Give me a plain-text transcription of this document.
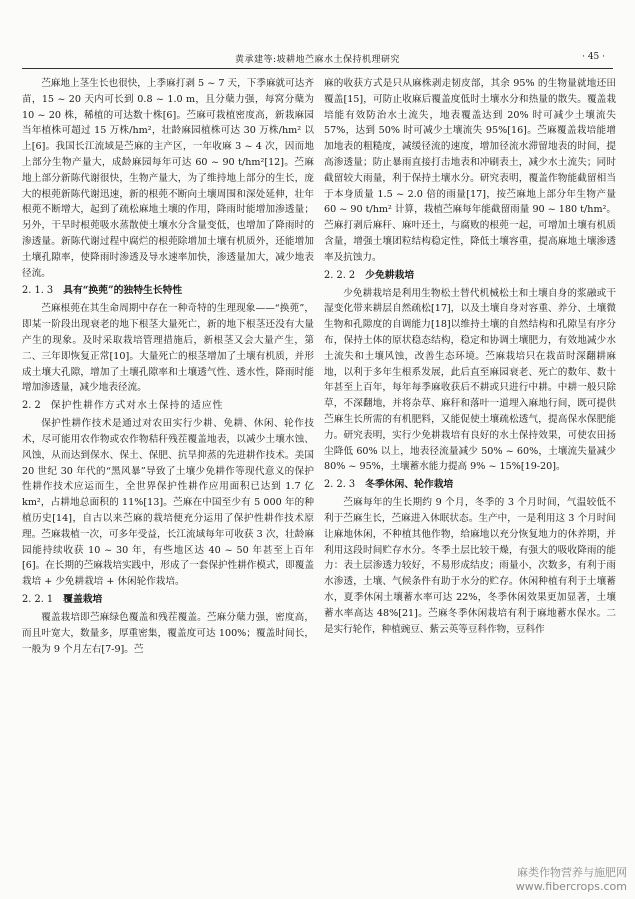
黄承建等:坡耕地苎麻水土保持机理研究	· 45 ·

苎麻地上茎生长也很快，上季麻打剥 5 ~ 7 天，下季麻就可达齐苗，15 ~ 20 天内可长到 0.8 ~ 1.0 m，且分蘖力强，每窝分蘖为 10 ~ 20 株，稀植的可达数十株[6]。苎麻可栽植密度高，新栽麻园当年植株可超过 15 万株/hm²，壮龄麻园植株可达 30 万株/hm² 以上[6]。我国长江流域是苎麻的主产区，一年收麻 3 ~ 4 次，因而地上部分生物产量大，成龄麻园每年可达 60 ~ 90 t/hm²[12]。苎麻地上部分新陈代谢很快，生物产量大，为了维持地上部分的生长，庞大的根蔸新陈代谢迅速，新的根蔸不断向土壤周围和深处延伸，壮年根蔸不断增大，起到了疏松麻地土壤的作用，降雨时能增加渗透量；另外，干旱时根蔸吸水蒸散使土壤水分含量变低，也增加了降雨时的渗透量。新陈代谢过程中腐烂的根蔸除增加土壤有机质外，还能增加土壤孔隙率，使降雨时渗透及导水速率加快，渗透量加大，减少地表径流。

2. 1. 3 具有“换蔸”的独特生长特性

苎麻根蔸在其生命周期中存在一种奇特的生理现象——“换蔸”，即某一阶段出现衰老的地下根茎大量死亡，新的地下根茎还没有大量产生的现象。及时采取栽培管理措施后，新根茎又会大量产生，第二、三年即恢复正常[10]。大量死亡的根茎增加了土壤有机质，并形成土壤大孔隙，增加了土壤孔隙率和土壤透气性、透水性，降雨时能增加渗透量，减少地表径流。

2. 2 保护性耕作方式对水土保持的适应性

保护性耕作技术是通过对农田实行少耕、免耕、休闲、轮作技术，尽可能用农作物或农作物秸秆残茬覆盖地表，以减少土壤水蚀、风蚀，从而达到保水、保土、保肥、抗旱抑蒸的先进耕作技术。美国 20 世纪 30 年代的“黑风暴”导致了土壤少免耕作等现代意义的保护性耕作技术应运而生，全世界保护性耕作应用面积已达到 1.7 亿 km²，占耕地总面积的 11%[13]。苎麻在中国至少有 5 000 年的种植历史[14]，自古以来苎麻的栽培便充分运用了保护性耕作技术原理。苎麻栽植一次，可多年受益，长江流域每年可收获 3 次，壮龄麻园能持续收获 10 ~ 30 年，有些地区达 40 ~ 50 年甚至上百年[6]。在长期的苎麻栽培实践中，形成了一套保护性耕作模式，即覆盖栽培 + 少免耕栽培 + 休闲轮作栽培。

2. 2. 1 覆盖栽培

覆盖栽培即苎麻绿色覆盖和残茬覆盖。苎麻分蘖力强，密度高，而且叶宽大，数量多，厚重密集，覆盖度可达 100%；覆盖时间长，一般为 9 个月左右[7-9]。苎

麻的收获方式是只从麻株剥走韧皮部，其余 95% 的生物量就地还田覆盖[15]，可防止收麻后覆盖度低时土壤水分和热量的散失。覆盖栽培能有效防治水土流失，地表覆盖达到 20% 时可减少土壤流失 57%，达到 50% 时可减少土壤流失 95%[16]。苎麻覆盖栽培能增加地表的粗糙度，减缓径流的速度，增加径流水滞留地表的时间，提高渗透量；防止暴雨直接打击地表和冲刷表土，减少水土流失；同时截留较大雨量，利于保持土壤水分。研究表明，覆盖作物能截留相当于本身质量 1.5 ~ 2.0 倍的雨量[17]，按苎麻地上部分年生物产量 60 ~ 90 t/hm² 计算，栽植苎麻每年能截留雨量 90 ~ 180 t/hm²。苎麻打剥后麻秆、麻叶还土，与腐败的根蔸一起，可增加土壤有机质含量，增强土壤团粒结构稳定性，降低土壤容重，提高麻地土壤渗透率及抗蚀力。

2. 2. 2 少免耕栽培

少免耕栽培是利用生物松土替代机械松土和土壤自身的浆融或干湿变化带来耕层自然疏松[17]，以及土壤自身对容重、养分、土壤微生物和孔隙度的自调能力[18]以维持土壤的自然结构和孔隙呈有序分布，保持土体的原状稳态结构，稳定和协调土壤肥力，有效地减少水土流失和土壤风蚀，改善生态环境。苎麻栽培只在栽苗时深翻耕麻地，以利于多年生根系发展，此后直至麻园衰老、死亡的数年、数十年甚至上百年，每年每季麻收获后不耕或只进行中耕。中耕一般只除草，不深翻地，并将杂草、麻秆和落叶一道埋入麻地行间，既可提供苎麻生长所需的有机肥料，又能促使土壤疏松透气，提高保水保肥能力。研究表明，实行少免耕栽培有良好的水土保持效果，可使农田扬尘降低 60% 以上，地表径流量减少 50% ~ 60%，土壤流失量减少 80% ~ 95%，土壤蓄水能力提高 9% ~ 15%[19-20]。

2. 2. 3 冬季休闲、轮作栽培

苎麻每年的生长期约 9 个月，冬季的 3 个月时间，气温较低不利于苎麻生长，苎麻进入休眠状态。生产中，一是利用这 3 个月时间让麻地休闲，不种植其他作物，给麻地以充分恢复地力的休养期，并利用这段时间贮存水分。冬季土层比较干燥，有强大的吸收降雨的能力：表土层渗透力较好，不易形成结皮；雨量小，次数多，有利于雨水渗透，土壤、气候条件有助于水分的贮存。休闲种植有利于土壤蓄水，夏季休闲土壤蓄水率可达 22%，冬季休闲效果更加显著，土壤蓄水率高达 48%[21]。苎麻冬季休闲栽培有利于麻地蓄水保水。二是实行轮作，种植豌豆、紫云英等豆科作物，豆科作

麻类作物营养与施肥网
www.fibercrops.com
